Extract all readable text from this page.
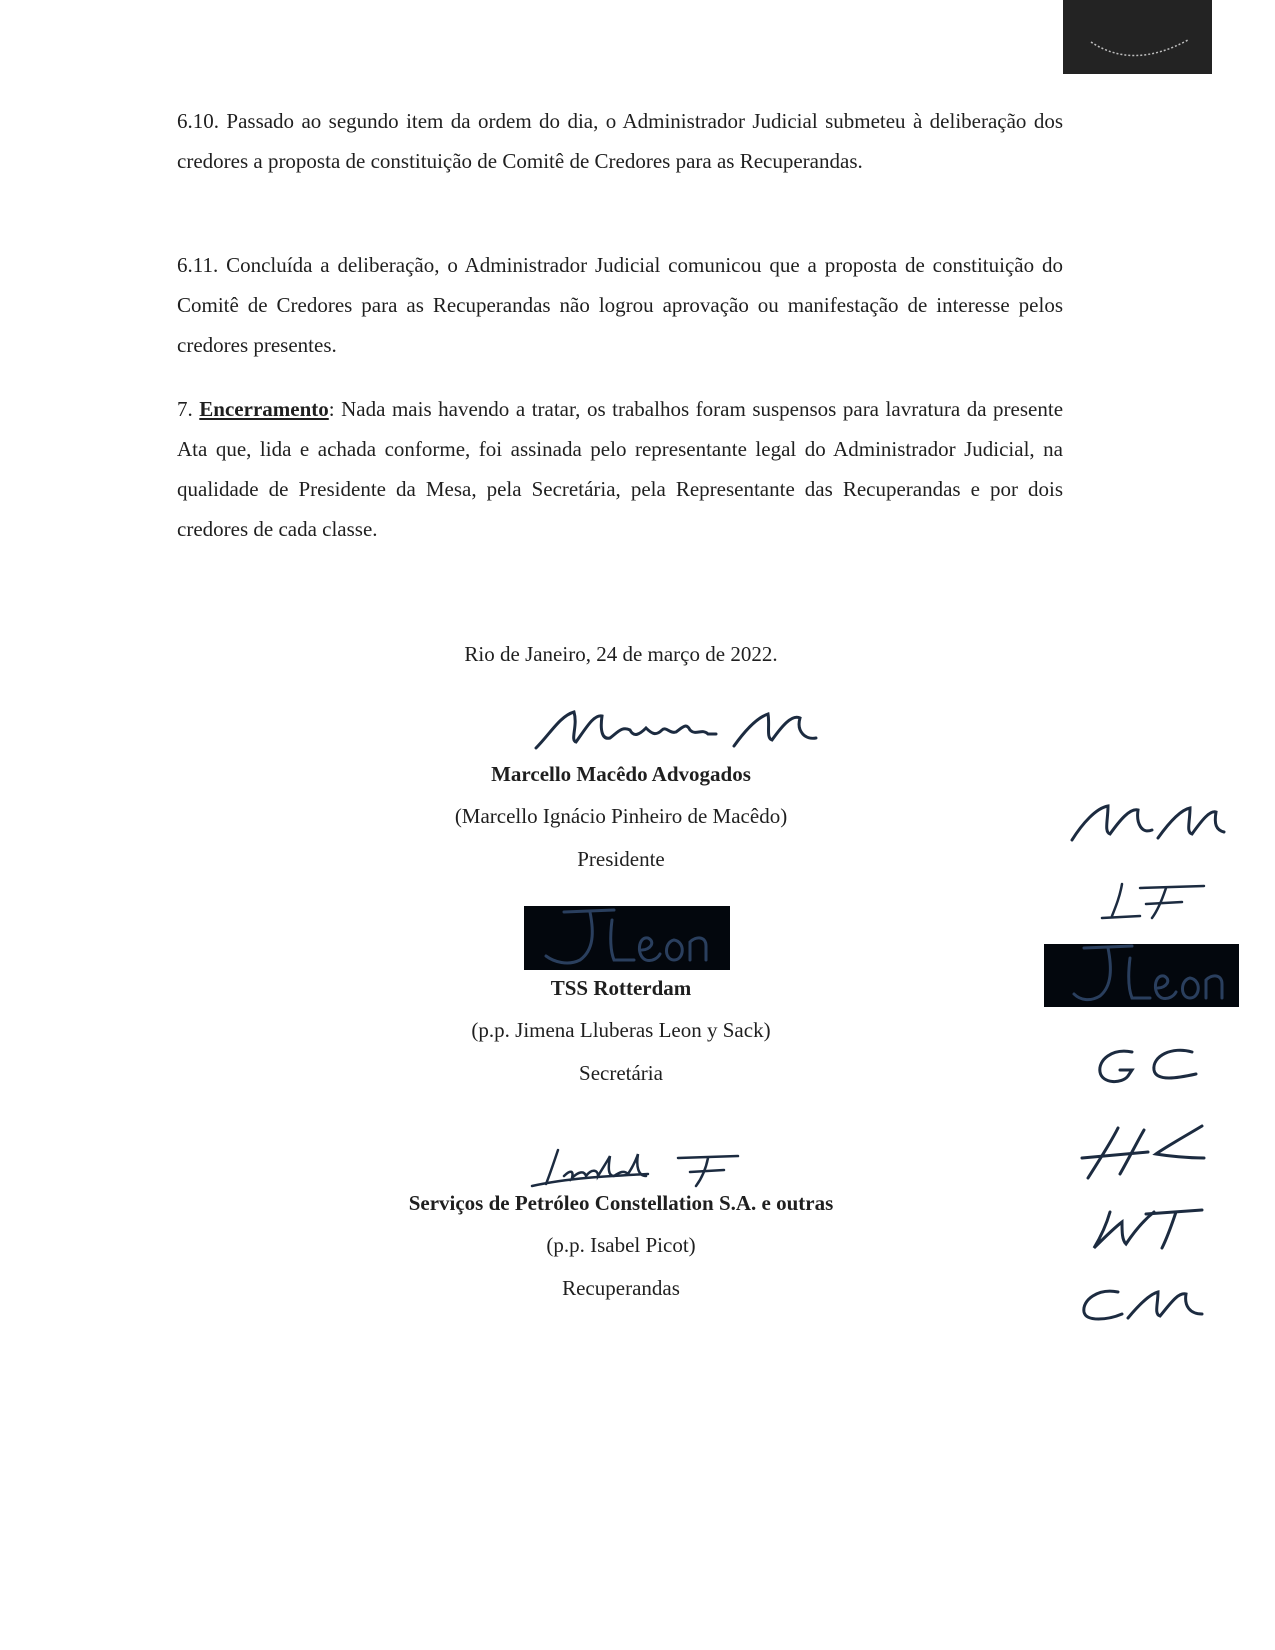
6.10. Passado ao segundo item da ordem do dia, o Administrador Judicial submeteu à deliberação dos credores a proposta de constituição de Comitê de Credores para as Recuperandas.

6.11. Concluída a deliberação, o Administrador Judicial comunicou que a proposta de constituição do Comitê de Credores para as Recuperandas não logrou aprovação ou manifestação de interesse pelos credores presentes.

7. Encerramento: Nada mais havendo a tratar, os trabalhos foram suspensos para lavratura da presente Ata que, lida e achada conforme, foi assinada pelo representante legal do Administrador Judicial, na qualidade de Presidente da Mesa, pela Secretária, pela Representante das Recuperandas e por dois credores de cada classe.

Rio de Janeiro, 24 de março de 2022.

Marcello Macêdo Advogados

(Marcello Ignácio Pinheiro de Macêdo)

Presidente

TSS Rotterdam

(p.p. Jimena Lluberas Leon y Sack)

Secretária

Serviços de Petróleo Constellation S.A. e outras

(p.p. Isabel Picot)

Recuperandas
